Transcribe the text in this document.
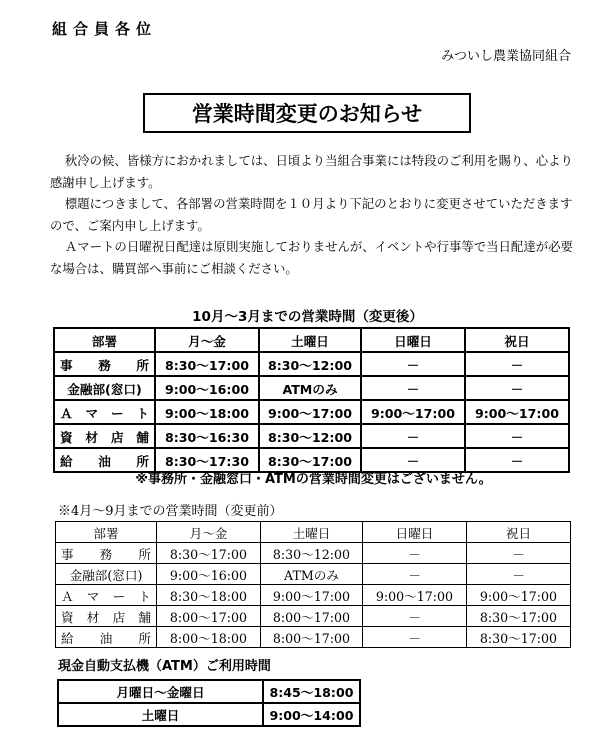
組合員各位
みついし農業協同組合
営業時間変更のお知らせ

秋冷の候、皆様方におかれましては、日頃より当組合事業には特段のご利用を賜り、心より感謝申し上げます。

標題につきまして、各部署の営業時間を１０月より下記のとおりに変更させていただきますので、ご案内申し上げます。

Ａマートの日曜祝日配達は原則実施しておりませんが、イベントや行事等で当日配達が必要な場合は、購買部へ事前にご相談ください。

10月～3月までの営業時間（変更後）
部署	月～金	土曜日	日曜日	祝日
事務所	8:30～17:00	8:30～12:00	－	－
金融部(窓口)	9:00～16:00	ATMのみ	－	－
Ａマート	9:00～18:00	9:00～17:00	9:00～17:00	9:00～17:00
資材店舗	8:30～16:30	8:30～12:00	－	－
給油所	8:30～17:30	8:30～17:00	－	－
※事務所・金融窓口・ATMの営業時間変更はございません。
※4月～9月までの営業時間（変更前）
部署	月～金	土曜日	日曜日	祝日
事務所	8:30～17:00	8:30～12:00	－	－
金融部(窓口)	9:00～16:00	ATMのみ	－	－
Ａマート	8:30～18:00	9:00～17:00	9:00～17:00	9:00～17:00
資材店舗	8:00～17:00	8:00～17:00	－	8:30～17:00
給油所	8:00～18:00	8:00～17:00	－	8:30～17:00
現金自動支払機（ATM）ご利用時間
月曜日～金曜日	8:45～18:00
土曜日	9:00～14:00
